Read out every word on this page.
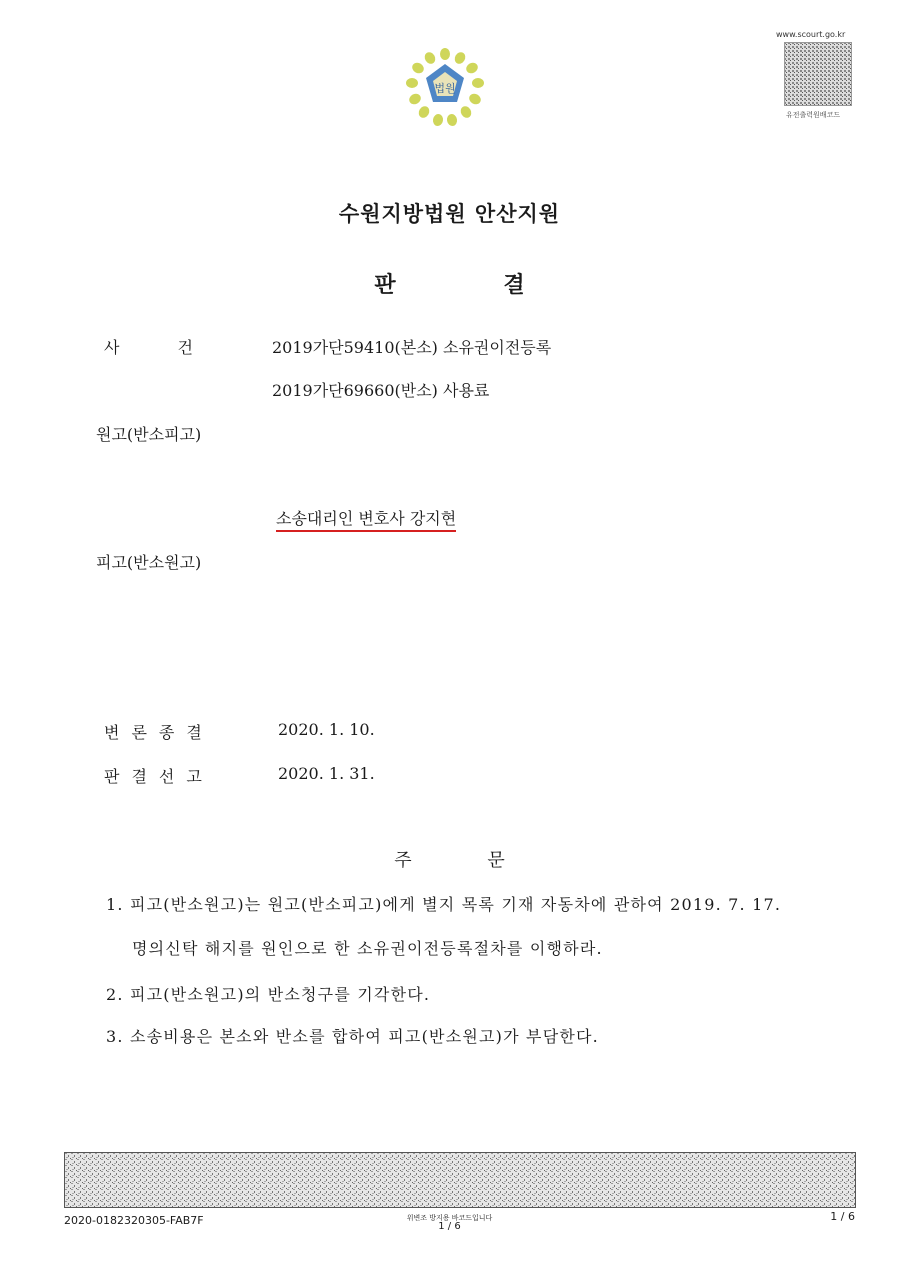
법원
www.scourt.go.kr
유전출력원배코드
수원지방법원 안산지원
판 결
사건 2019가단59410(본소) 소유권이전등록
2019가단69660(반소) 사용료
원고(반소피고)
소송대리인 변호사 강지현
피고(반소원고)
변론종결	2020. 1. 10.
판결선고	2020. 1. 31.
주 문
1. 피고(반소원고)는 원고(반소피고)에게 별지 목록 기재 자동차에 관하여 2019. 7. 17.
명의신탁 해지를 원인으로 한 소유권이전등록절차를 이행하라.
2. 피고(반소원고)의 반소청구를 기각한다.
3. 소송비용은 본소와 반소를 합하여 피고(반소원고)가 부담한다.
2020-0182320305-FAB7F	위변조 방지용 바코드입니다
1 / 6
1 / 6
